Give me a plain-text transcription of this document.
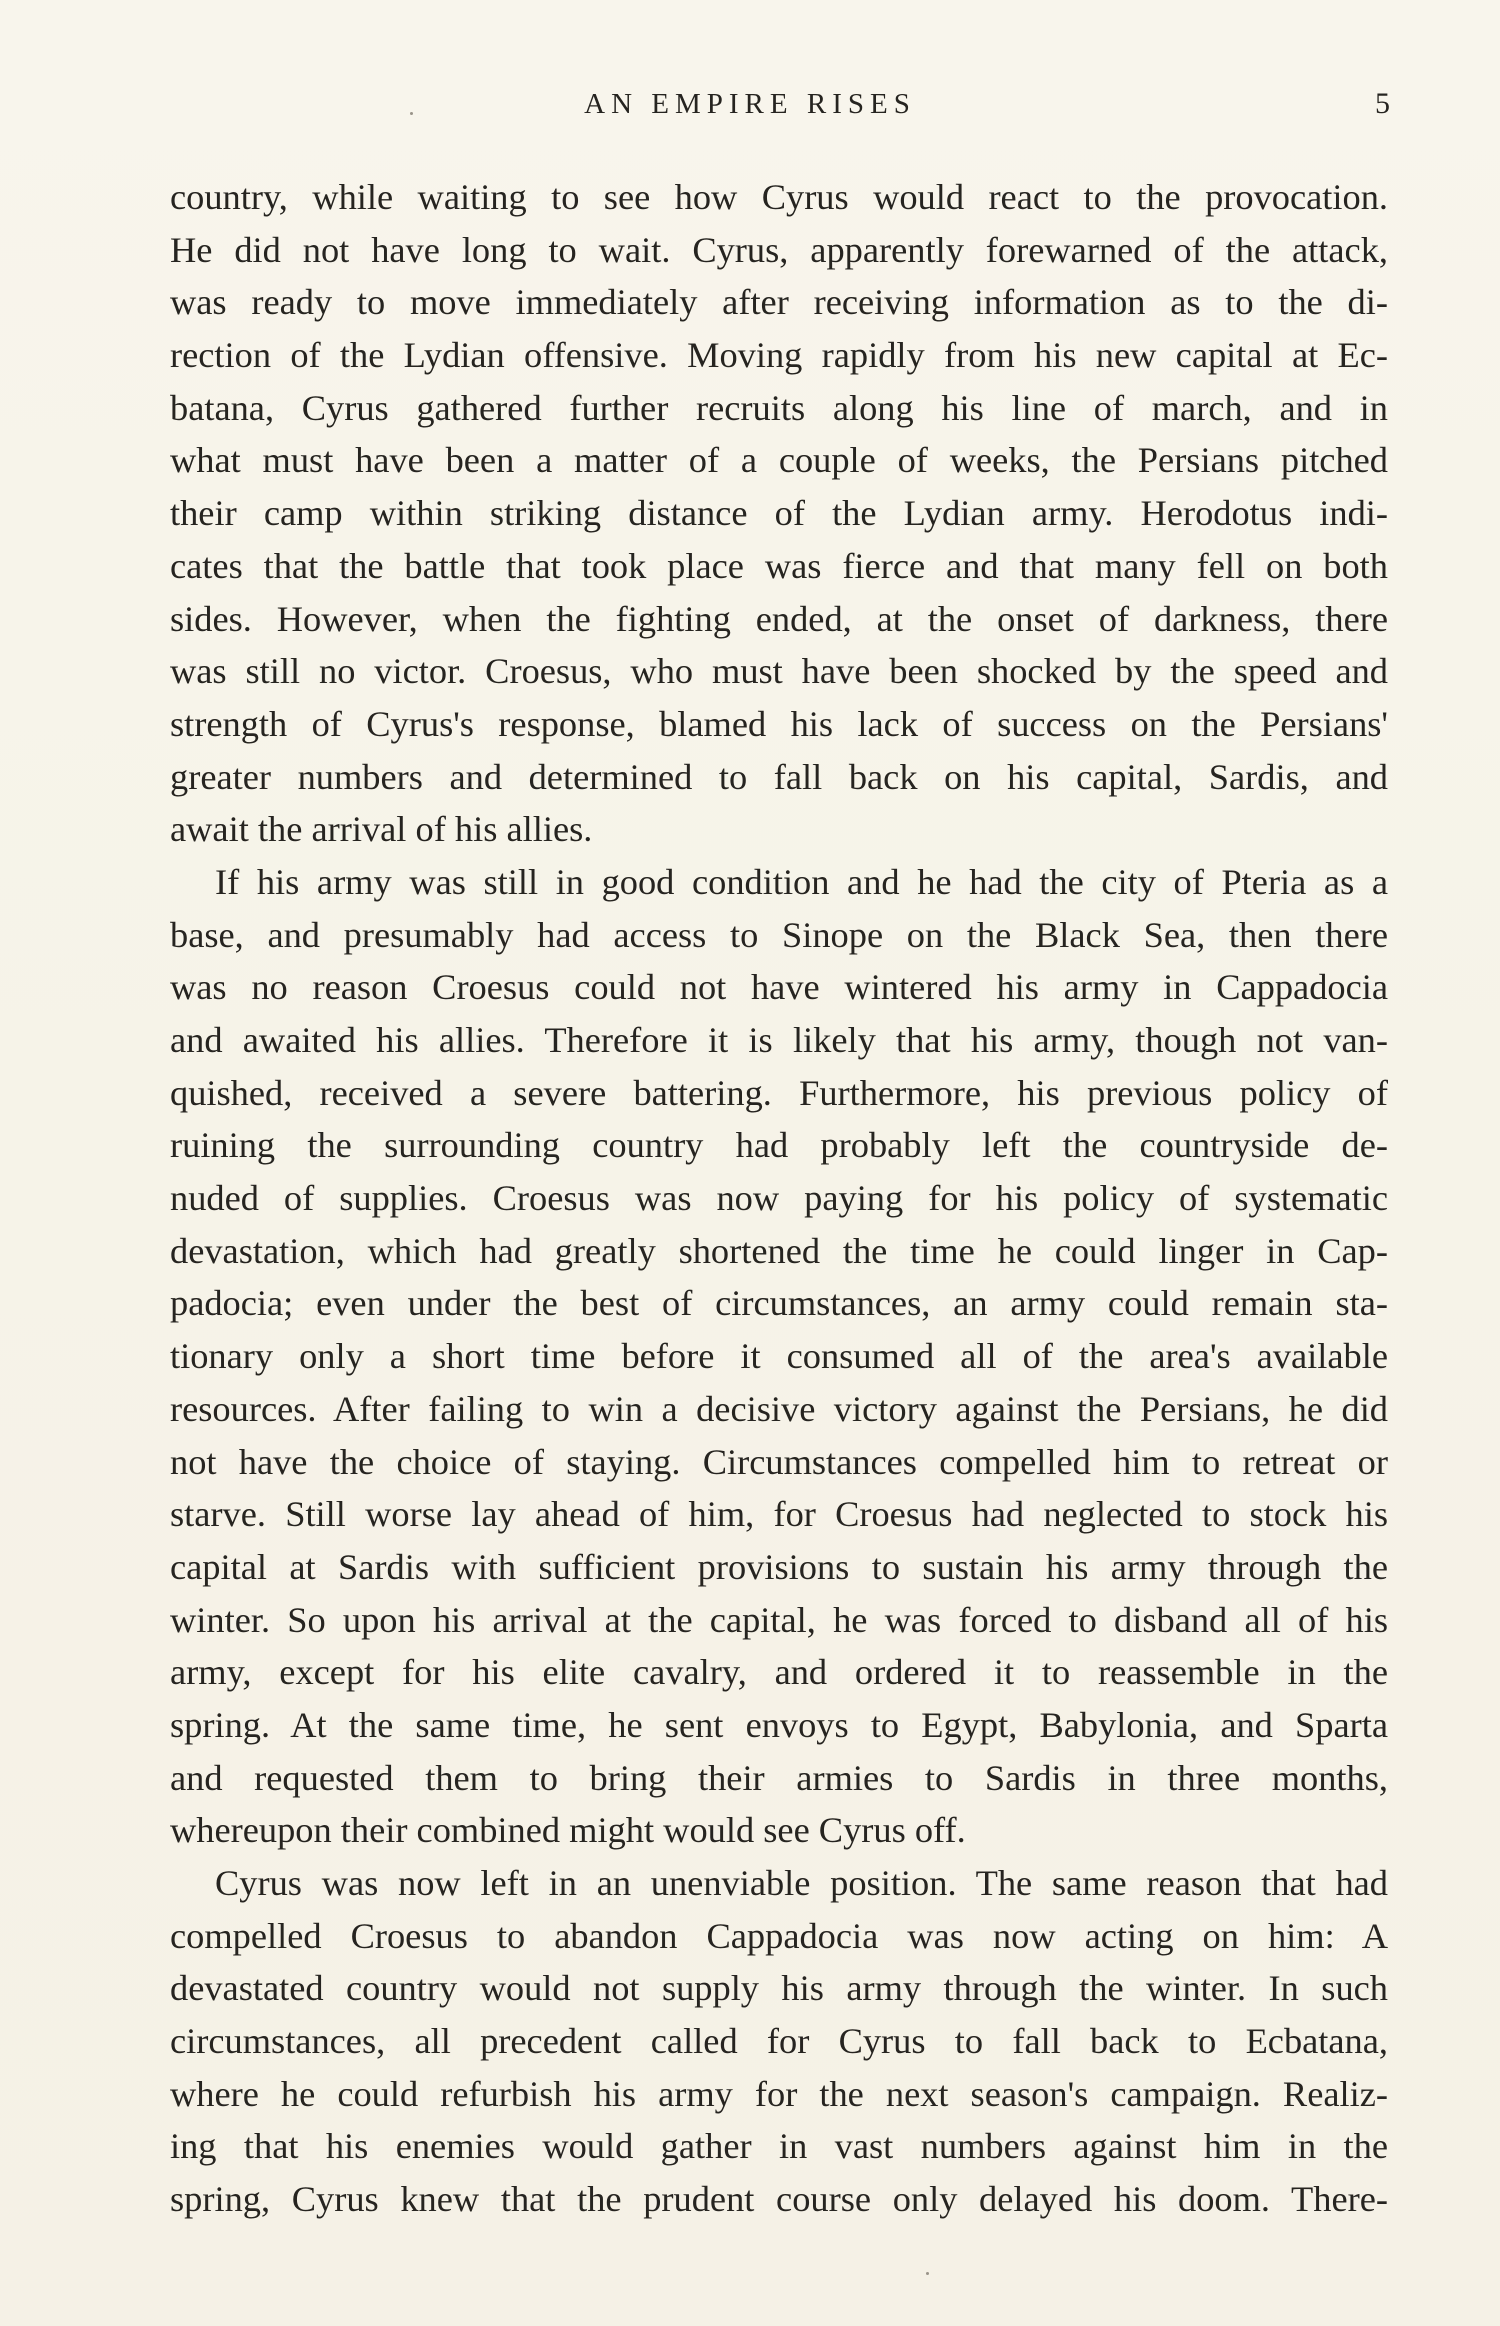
AN EMPIRE RISES	5
country, while waiting to see how Cyrus would react to the provocation.
He did not have long to wait. Cyrus, apparently forewarned of the attack,
was ready to move immediately after receiving information as to the di-
rection of the Lydian offensive. Moving rapidly from his new capital at Ec-
batana, Cyrus gathered further recruits along his line of march, and in
what must have been a matter of a couple of weeks, the Persians pitched
their camp within striking distance of the Lydian army. Herodotus indi-
cates that the battle that took place was fierce and that many fell on both
sides. However, when the fighting ended, at the onset of darkness, there
was still no victor. Croesus, who must have been shocked by the speed and
strength of Cyrus's response, blamed his lack of success on the Persians'
greater numbers and determined to fall back on his capital, Sardis, and
await the arrival of his allies.
If his army was still in good condition and he had the city of Pteria as a
base, and presumably had access to Sinope on the Black Sea, then there
was no reason Croesus could not have wintered his army in Cappadocia
and awaited his allies. Therefore it is likely that his army, though not van-
quished, received a severe battering. Furthermore, his previous policy of
ruining the surrounding country had probably left the countryside de-
nuded of supplies. Croesus was now paying for his policy of systematic
devastation, which had greatly shortened the time he could linger in Cap-
padocia; even under the best of circumstances, an army could remain sta-
tionary only a short time before it consumed all of the area's available
resources. After failing to win a decisive victory against the Persians, he did
not have the choice of staying. Circumstances compelled him to retreat or
starve. Still worse lay ahead of him, for Croesus had neglected to stock his
capital at Sardis with sufficient provisions to sustain his army through the
winter. So upon his arrival at the capital, he was forced to disband all of his
army, except for his elite cavalry, and ordered it to reassemble in the
spring. At the same time, he sent envoys to Egypt, Babylonia, and Sparta
and requested them to bring their armies to Sardis in three months,
whereupon their combined might would see Cyrus off.
Cyrus was now left in an unenviable position. The same reason that had
compelled Croesus to abandon Cappadocia was now acting on him: A
devastated country would not supply his army through the winter. In such
circumstances, all precedent called for Cyrus to fall back to Ecbatana,
where he could refurbish his army for the next season's campaign. Realiz-
ing that his enemies would gather in vast numbers against him in the
spring, Cyrus knew that the prudent course only delayed his doom. There-
